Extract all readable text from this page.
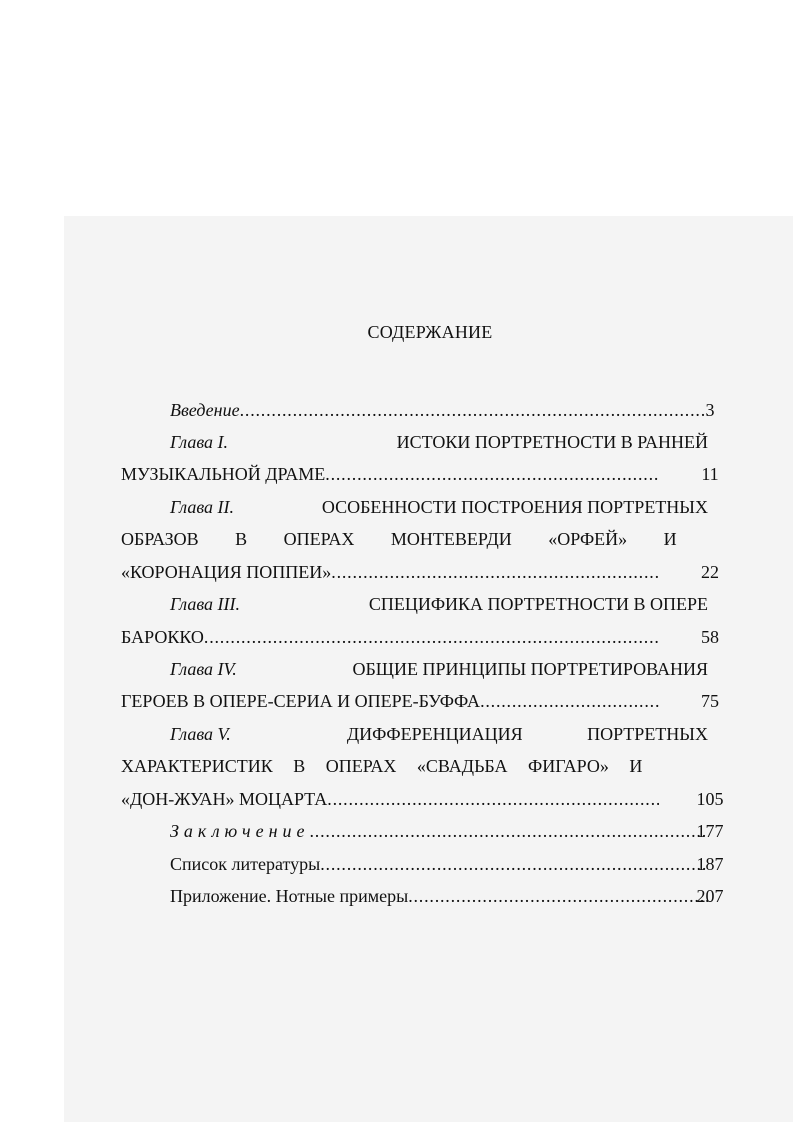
СОДЕРЖАНИЕ
Введение .....	3
Глава I.	ИСТОКИ ПОРТРЕТНОСТИ В РАННЕЙ
МУЗЫКАЛЬНОЙ ДРАМЕ .....	11
Глава II.	ОСОБЕННОСТИ ПОСТРОЕНИЯ ПОРТРЕТНЫХ
ОБРАЗОВ В ОПЕРАХ МОНТЕВЕРДИ «ОРФЕЙ» И
«КОРОНАЦИЯ ПОППЕИ» .....	22
Глава III.	СПЕЦИФИКА ПОРТРЕТНОСТИ В ОПЕРЕ
БАРОККО .....	58
Глава IV.	ОБЩИЕ ПРИНЦИПЫ ПОРТРЕТИРОВАНИЯ
ГЕРОЕВ В ОПЕРЕ-СЕРИА И ОПЕРЕ-БУФФА .....	75
Глава V.	ДИФФЕРЕНЦИАЦИЯ ПОРТРЕТНЫХ
ХАРАКТЕРИСТИК В ОПЕРАХ «СВАДЬБА ФИГАРО» И
«ДОН-ЖУАН» МОЦАРТА .....	105
Заключение .....	177
Список литературы .....	187
Приложение. Нотные примеры .....	207
